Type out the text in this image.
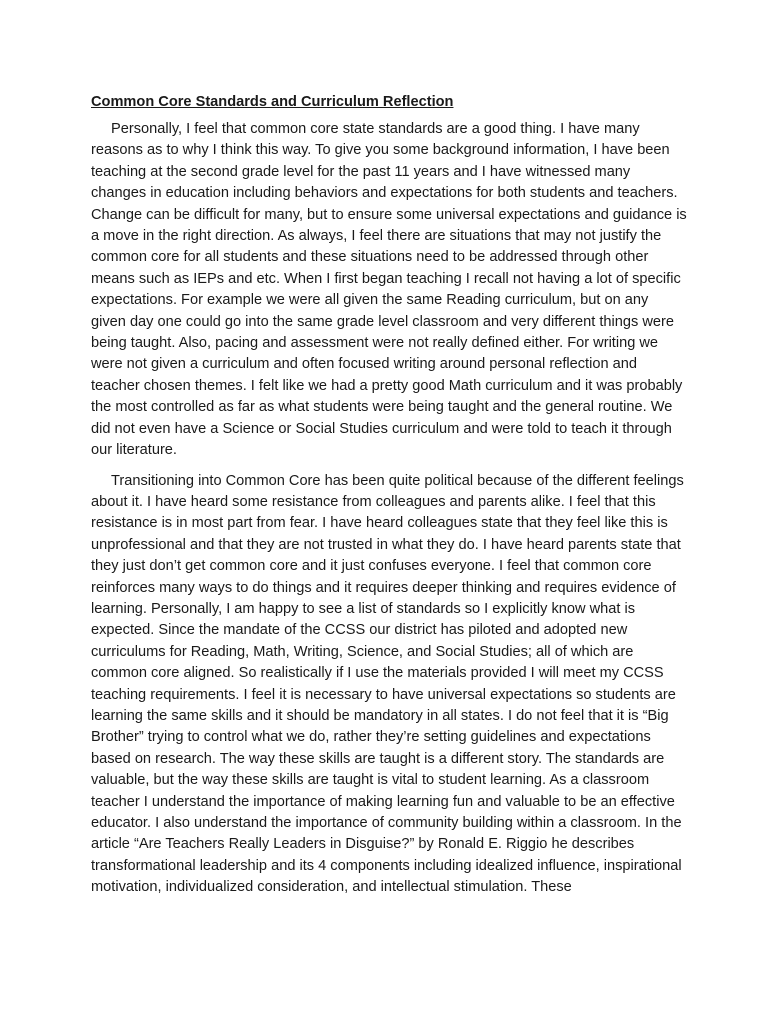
Common Core Standards and Curriculum Reflection

Personally, I feel that common core state standards are a good thing. I have many reasons as to why I think this way. To give you some background information, I have been teaching at the second grade level for the past 11 years and I have witnessed many changes in education including behaviors and expectations for both students and teachers. Change can be difficult for many, but to ensure some universal expectations and guidance is a move in the right direction. As always, I feel there are situations that may not justify the common core for all students and these situations need to be addressed through other means such as IEPs and etc. When I first began teaching I recall not having a lot of specific expectations. For example we were all given the same Reading curriculum, but on any given day one could go into the same grade level classroom and very different things were being taught. Also, pacing and assessment were not really defined either. For writing we were not given a curriculum and often focused writing around personal reflection and teacher chosen themes. I felt like we had a pretty good Math curriculum and it was probably the most controlled as far as what students were being taught and the general routine. We did not even have a Science or Social Studies curriculum and were told to teach it through our literature.

Transitioning into Common Core has been quite political because of the different feelings about it. I have heard some resistance from colleagues and parents alike. I feel that this resistance is in most part from fear. I have heard colleagues state that they feel like this is unprofessional and that they are not trusted in what they do. I have heard parents state that they just don’t get common core and it just confuses everyone. I feel that common core reinforces many ways to do things and it requires deeper thinking and requires evidence of learning. Personally, I am happy to see a list of standards so I explicitly know what is expected. Since the mandate of the CCSS our district has piloted and adopted new curriculums for Reading, Math, Writing, Science, and Social Studies; all of which are common core aligned. So realistically if I use the materials provided I will meet my CCSS teaching requirements. I feel it is necessary to have universal expectations so students are learning the same skills and it should be mandatory in all states. I do not feel that it is “Big Brother” trying to control what we do, rather they’re setting guidelines and expectations based on research. The way these skills are taught is a different story. The standards are valuable, but the way these skills are taught is vital to student learning. As a classroom teacher I understand the importance of making learning fun and valuable to be an effective educator. I also understand the importance of community building within a classroom. In the article “Are Teachers Really Leaders in Disguise?” by Ronald E. Riggio he describes transformational leadership and its 4 components including idealized influence, inspirational motivation, individualized consideration, and intellectual stimulation. These
